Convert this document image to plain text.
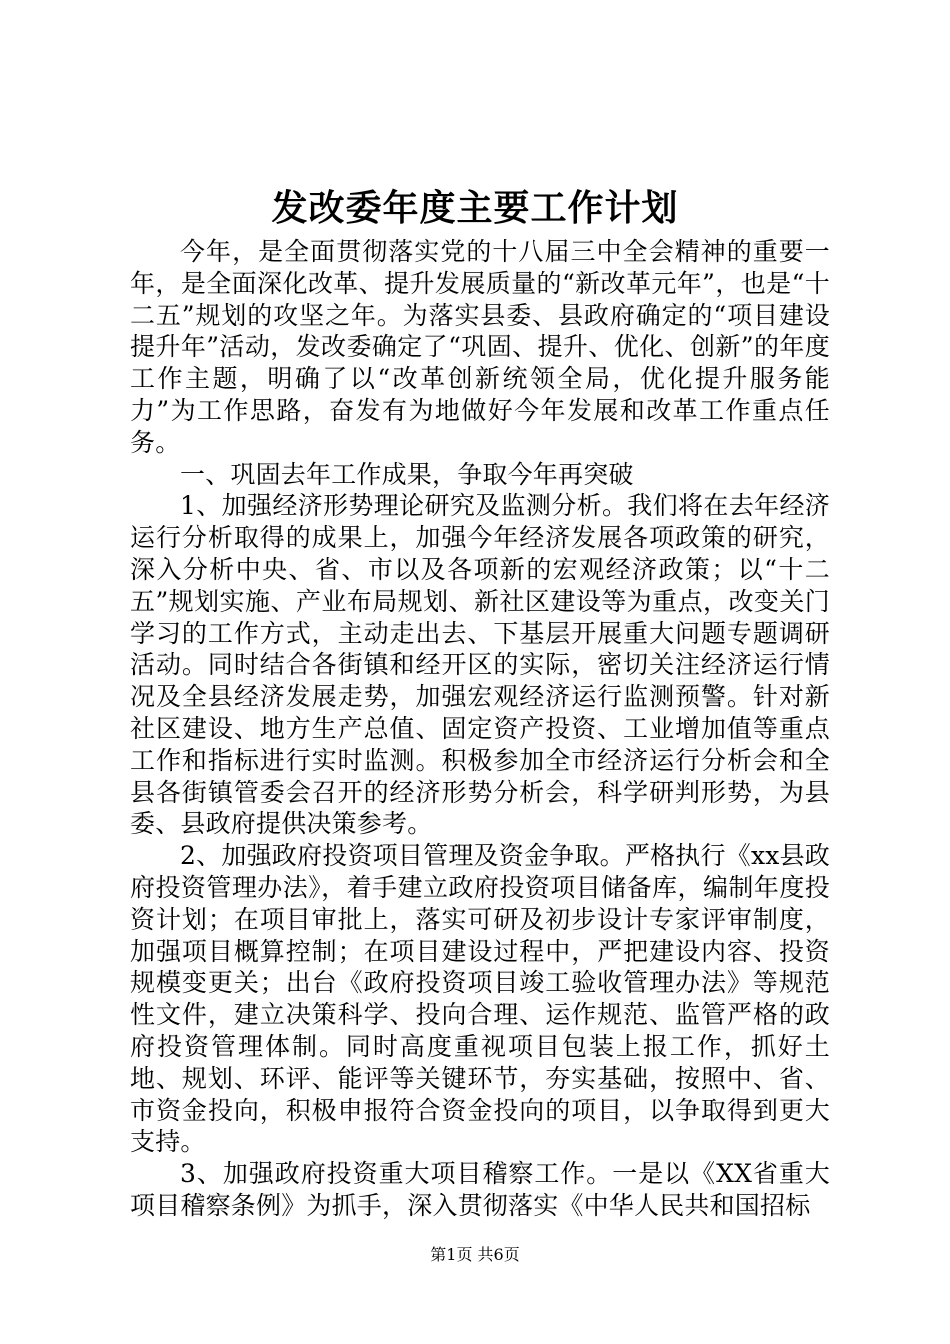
发改委年度主要工作计划

今年，是全面贯彻落实党的十八届三中全会精神的重要一年，是全面深化改革、提升发展质量的“新改革元年”，也是“十二五”规划的攻坚之年。为落实县委、县政府确定的“项目建设提升年”活动，发改委确定了“巩固、提升、优化、创新”的年度工作主题，明确了以“改革创新统领全局，优化提升服务能力”为工作思路，奋发有为地做好今年发展和改革工作重点任务。

一、巩固去年工作成果，争取今年再突破

1、加强经济形势理论研究及监测分析。我们将在去年经济运行分析取得的成果上，加强今年经济发展各项政策的研究，深入分析中央、省、市以及各项新的宏观经济政策；以“十二五”规划实施、产业布局规划、新社区建设等为重点，改变关门学习的工作方式，主动走出去、下基层开展重大问题专题调研活动。同时结合各街镇和经开区的实际，密切关注经济运行情况及全县经济发展走势，加强宏观经济运行监测预警。针对新社区建设、地方生产总值、固定资产投资、工业增加值等重点工作和指标进行实时监测。积极参加全市经济运行分析会和全县各街镇管委会召开的经济形势分析会，科学研判形势，为县委、县政府提供决策参考。

2、加强政府投资项目管理及资金争取。严格执行《xx县政府投资管理办法》，着手建立政府投资项目储备库，编制年度投资计划；在项目审批上，落实可研及初步设计专家评审制度，加强项目概算控制；在项目建设过程中，严把建设内容、投资规模变更关；出台《政府投资项目竣工验收管理办法》等规范性文件，建立决策科学、投向合理、运作规范、监管严格的政府投资管理体制。同时高度重视项目包装上报工作，抓好土地、规划、环评、能评等关键环节，夯实基础，按照中、省、市资金投向，积极申报符合资金投向的项目，以争取得到更大支持。

3、加强政府投资重大项目稽察工作。一是以《XX省重大项目稽察条例》为抓手，深入贯彻落实《中华人民共和国招标

第1页 共6页
